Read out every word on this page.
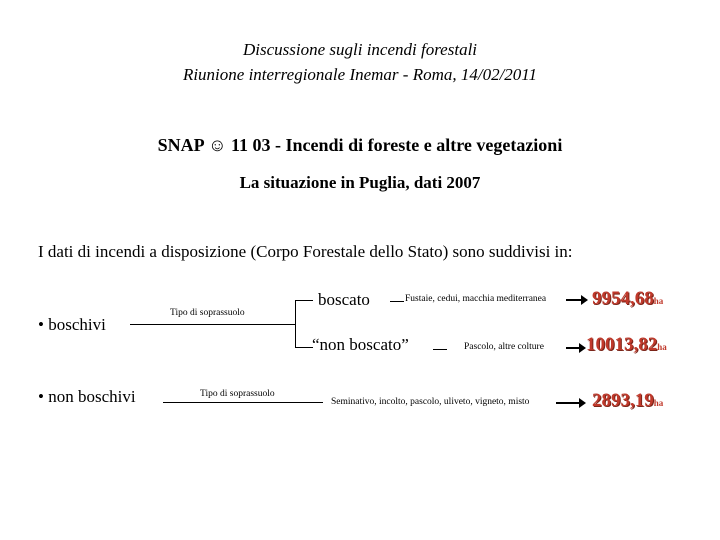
Discussione sugli incendi forestali
Riunione interregionale Inemar - Roma, 14/02/2011
SNAP ☺ 11 03 - Incendi di foreste e altre vegetazioni
La situazione in Puglia, dati 2007
I dati di incendi a disposizione (Corpo Forestale dello Stato) sono suddivisi in:
• boschivi
• non boschivi
Tipo di soprassuolo
Tipo di soprassuolo
boscato	Fustaie, cedui, macchia mediterranea 9954,68ha
“non boscato”	Pascolo, altre colture 10013,82ha
Seminativo, incolto, pascolo, uliveto, vigneto, misto	2893,19ha
